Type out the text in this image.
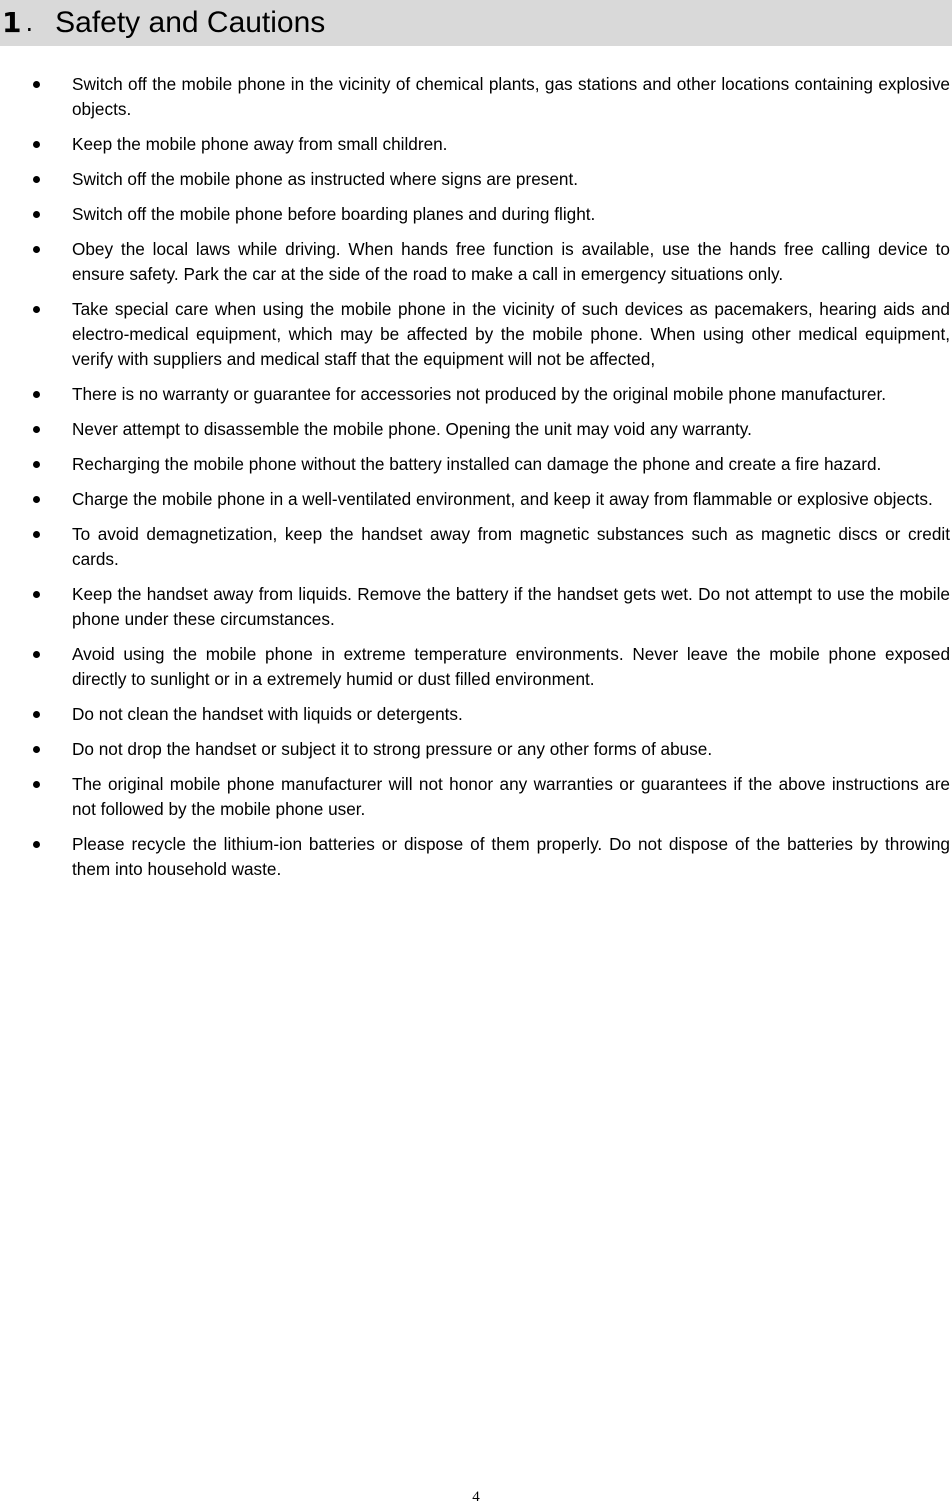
1 . Safety and Cautions
Switch off the mobile phone in the vicinity of chemical plants, gas stations and other locations containing explosive objects.
Keep the mobile phone away from small children.
Switch off the mobile phone as instructed where signs are present.
Switch off the mobile phone before boarding planes and during flight.
Obey the local laws while driving. When hands free function is available, use the hands free calling device to ensure safety. Park the car at the side of the road to make a call in emergency situations only.
Take special care when using the mobile phone in the vicinity of such devices as pacemakers, hearing aids and electro-medical equipment, which may be affected by the mobile phone. When using other medical equipment, verify with suppliers and medical staff that the equipment will not be affected,
There is no warranty or guarantee for accessories not produced by the original mobile phone manufacturer.
Never attempt to disassemble the mobile phone. Opening the unit may void any warranty.
Recharging the mobile phone without the battery installed can damage the phone and create a fire hazard.
Charge the mobile phone in a well-ventilated environment, and keep it away from flammable or explosive objects.
To avoid demagnetization, keep the handset away from magnetic substances such as magnetic discs or credit cards.
Keep the handset away from liquids. Remove the battery if the handset gets wet. Do not attempt to use the mobile phone under these circumstances.
Avoid using the mobile phone in extreme temperature environments. Never leave the mobile phone exposed directly to sunlight or in a extremely humid or dust filled environment.
Do not clean the handset with liquids or detergents.
Do not drop the handset or subject it to strong pressure or any other forms of abuse.
The original mobile phone manufacturer will not honor any warranties or guarantees if the above instructions are not followed by the mobile phone user.
Please recycle the lithium-ion batteries or dispose of them properly. Do not dispose of the batteries by throwing them into household waste.
4
